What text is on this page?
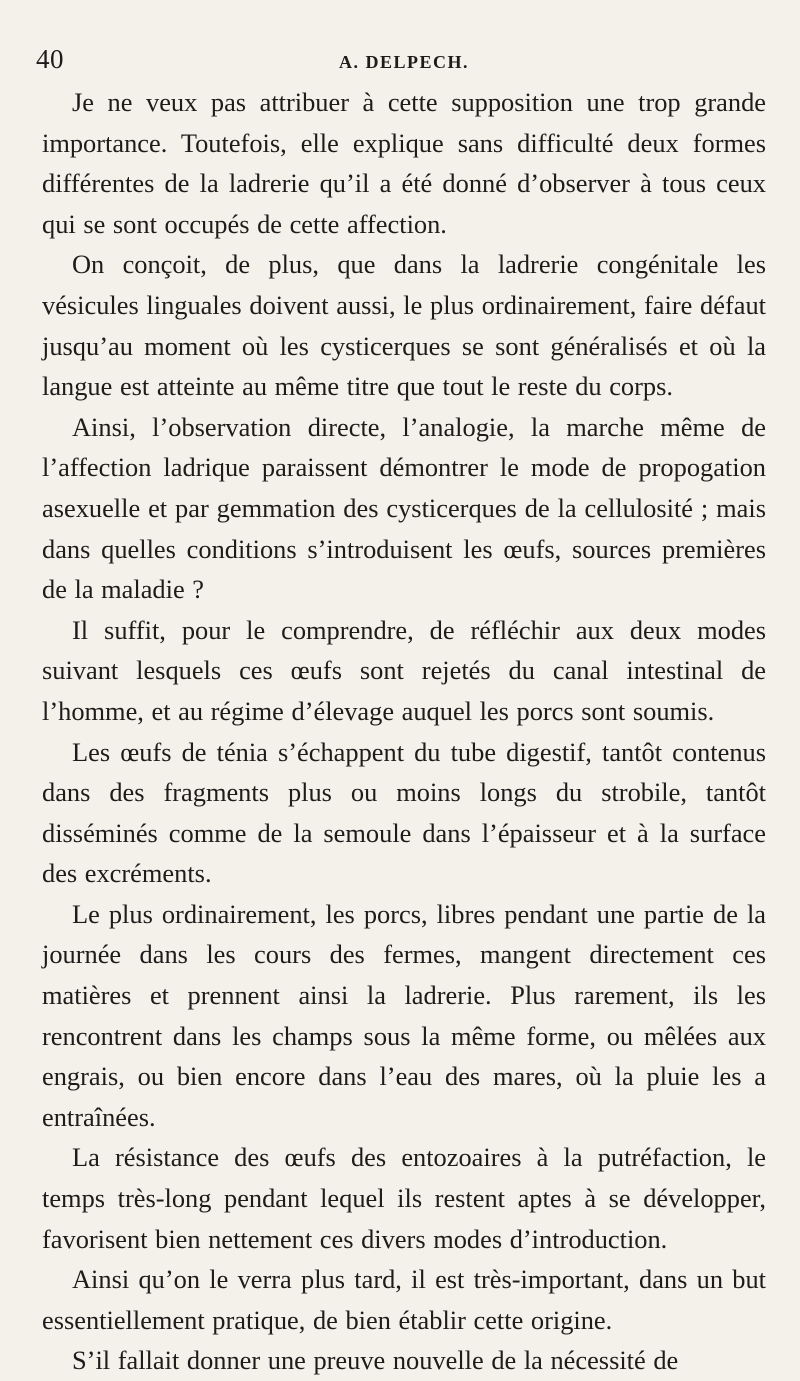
40	A. DELPECH.

Je ne veux pas attribuer à cette supposition une trop grande importance. Toutefois, elle explique sans difficulté deux formes différentes de la ladrerie qu’il a été donné d’observer à tous ceux qui se sont occupés de cette affection.

On conçoit, de plus, que dans la ladrerie congénitale les vésicules linguales doivent aussi, le plus ordinairement, faire défaut jusqu’au moment où les cysticerques se sont généralisés et où la langue est atteinte au même titre que tout le reste du corps.

Ainsi, l’observation directe, l’analogie, la marche même de l’affection ladrique paraissent démontrer le mode de propogation asexuelle et par gemmation des cysticerques de la cellulosité ; mais dans quelles conditions s’introduisent les œufs, sources premières de la maladie ?

Il suffit, pour le comprendre, de réfléchir aux deux modes suivant lesquels ces œufs sont rejetés du canal intestinal de l’homme, et au régime d’élevage auquel les porcs sont soumis.

Les œufs de ténia s’échappent du tube digestif, tantôt contenus dans des fragments plus ou moins longs du strobile, tantôt disséminés comme de la semoule dans l’épaisseur et à la surface des excréments.

Le plus ordinairement, les porcs, libres pendant une partie de la journée dans les cours des fermes, mangent directement ces matières et prennent ainsi la ladrerie. Plus rarement, ils les rencontrent dans les champs sous la même forme, ou mêlées aux engrais, ou bien encore dans l’eau des mares, où la pluie les a entraînées.

La résistance des œufs des entozoaires à la putréfaction, le temps très-long pendant lequel ils restent aptes à se développer, favorisent bien nettement ces divers modes d’introduction.

Ainsi qu’on le verra plus tard, il est très-important, dans un but essentiellement pratique, de bien établir cette origine.

S’il fallait donner une preuve nouvelle de la nécessité de
